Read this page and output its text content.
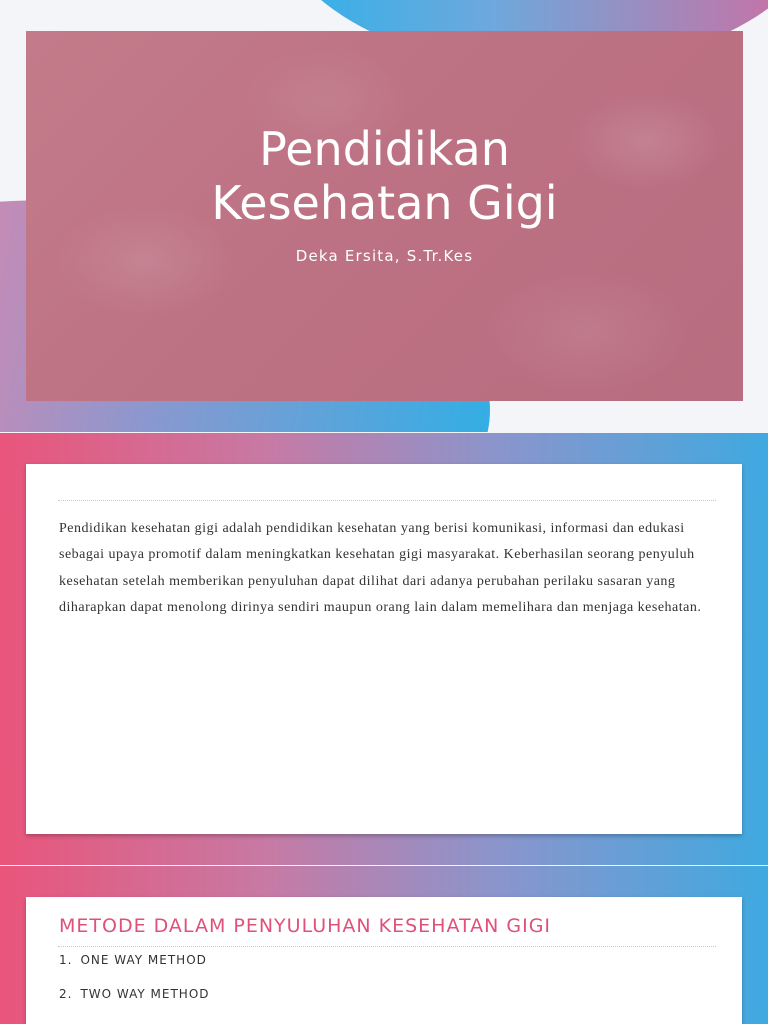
Pendidikan
Kesehatan Gigi
Deka Ersita, S.Tr.Kes

Pendidikan kesehatan gigi adalah pendidikan kesehatan yang berisi komunikasi, informasi dan edukasi sebagai upaya promotif dalam meningkatkan kesehatan gigi masyarakat. Keberhasilan seorang penyuluh kesehatan setelah memberikan penyuluhan dapat dilihat dari adanya perubahan perilaku sasaran yang diharapkan dapat menolong dirinya sendiri maupun orang lain dalam memelihara dan menjaga kesehatan.

METODE DALAM PENYULUHAN KESEHATAN GIGI
1. ONE WAY METHOD
2. TWO WAY METHOD
